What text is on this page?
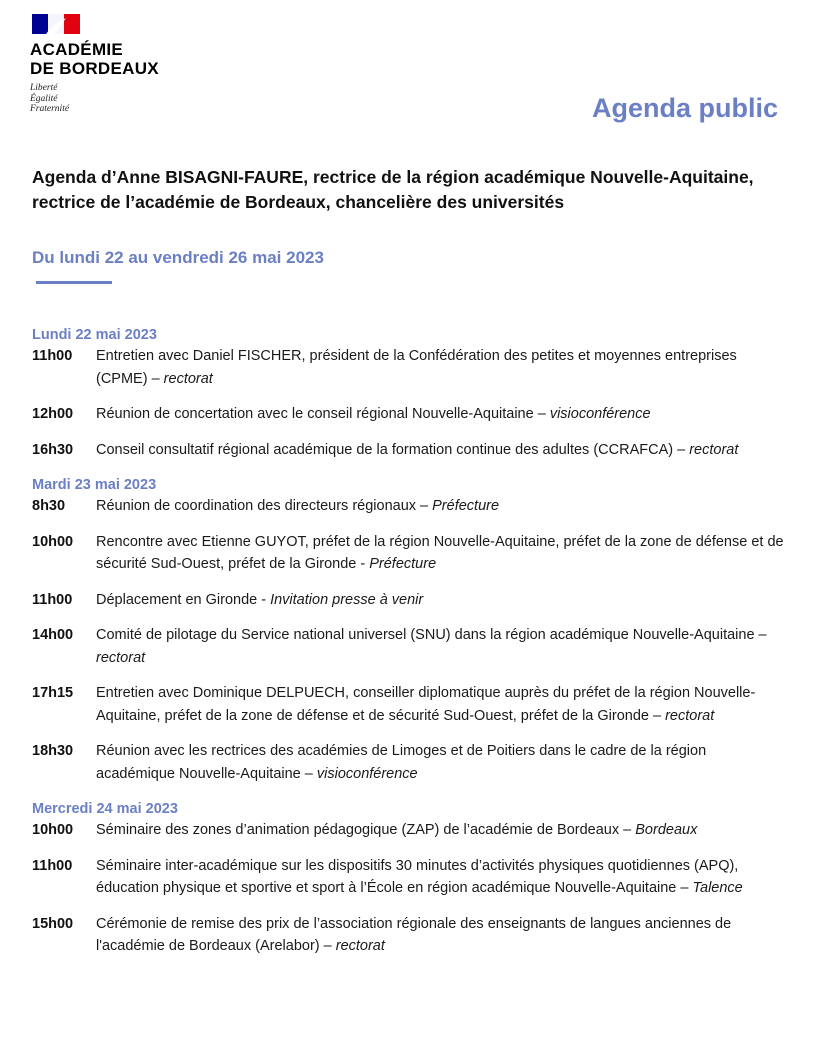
ACADÉMIE
DE BORDEAUX
Liberté
Égalité
Fraternité	Agenda public
Agenda d’Anne BISAGNI-FAURE, rectrice de la région académique Nouvelle-Aquitaine, rectrice de l’académie de Bordeaux, chancelière des universités
Du lundi 22 au vendredi 26 mai 2023
Lundi 22 mai 2023
11h00	Entretien avec Daniel FISCHER, président de la Confédération des petites et moyennes entreprises (CPME) – rectorat
12h00	Réunion de concertation avec le conseil régional Nouvelle-Aquitaine – visioconférence
16h30	Conseil consultatif régional académique de la formation continue des adultes (CCRAFCA) – rectorat
Mardi 23 mai 2023
8h30	Réunion de coordination des directeurs régionaux – Préfecture
10h00	Rencontre avec Etienne GUYOT, préfet de la région Nouvelle-Aquitaine, préfet de la zone de défense et de sécurité Sud-Ouest, préfet de la Gironde - Préfecture
11h00	Déplacement en Gironde - Invitation presse à venir
14h00	Comité de pilotage du Service national universel (SNU) dans la région académique Nouvelle-Aquitaine – rectorat
17h15	Entretien avec Dominique DELPUECH, conseiller diplomatique auprès du préfet de la région Nouvelle-Aquitaine, préfet de la zone de défense et de sécurité Sud-Ouest, préfet de la Gironde – rectorat
18h30	Réunion avec les rectrices des académies de Limoges et de Poitiers dans le cadre de la région académique Nouvelle-Aquitaine – visioconférence
Mercredi 24 mai 2023
10h00	Séminaire des zones d’animation pédagogique (ZAP) de l’académie de Bordeaux – Bordeaux
11h00	Séminaire inter-académique sur les dispositifs 30 minutes d’activités physiques quotidiennes (APQ), éducation physique et sportive et sport à l’École en région académique Nouvelle-Aquitaine – Talence
15h00	Cérémonie de remise des prix de l’association régionale des enseignants de langues anciennes de l'académie de Bordeaux (Arelabor) – rectorat
